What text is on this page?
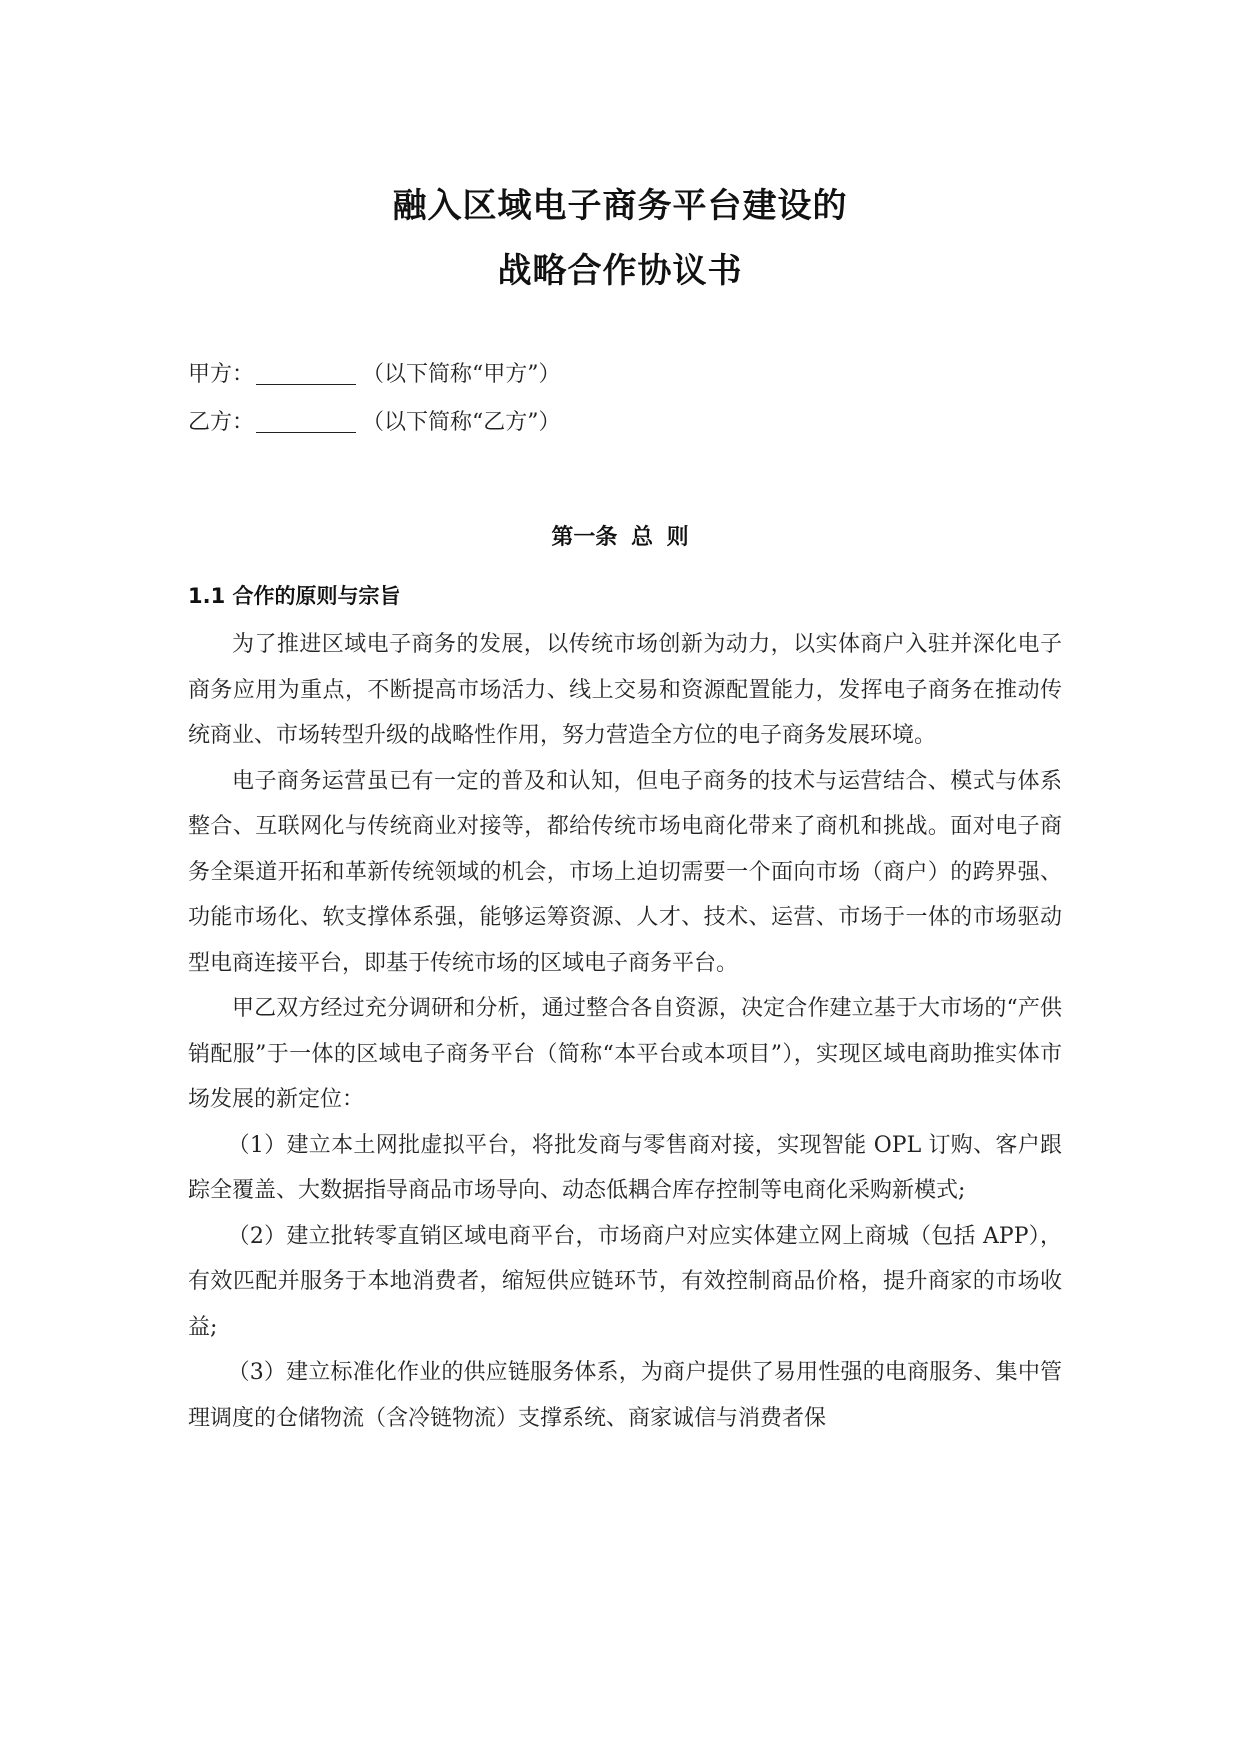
融入区域电子商务平台建设的
战略合作协议书
甲方：	（以下简称“甲方”）
乙方：	（以下简称“乙方”）
第一条 总 则
1.1 合作的原则与宗旨

为了推进区域电子商务的发展，以传统市场创新为动力，以实体商户入驻并深化电子商务应用为重点，不断提高市场活力、线上交易和资源配置能力，发挥电子商务在推动传统商业、市场转型升级的战略性作用，努力营造全方位的电子商务发展环境。

电子商务运营虽已有一定的普及和认知，但电子商务的技术与运营结合、模式与体系整合、互联网化与传统商业对接等，都给传统市场电商化带来了商机和挑战。面对电子商务全渠道开拓和革新传统领域的机会，市场上迫切需要一个面向市场（商户）的跨界强、功能市场化、软支撑体系强，能够运筹资源、人才、技术、运营、市场于一体的市场驱动型电商连接平台，即基于传统市场的区域电子商务平台。

甲乙双方经过充分调研和分析，通过整合各自资源，决定合作建立基于大市场的“产供销配服”于一体的区域电子商务平台（简称“本平台或本项目”），实现区域电商助推实体市场发展的新定位：

（1）建立本土网批虚拟平台，将批发商与零售商对接，实现智能 OPL 订购、客户跟踪全覆盖、大数据指导商品市场导向、动态低耦合库存控制等电商化采购新模式;

（2）建立批转零直销区域电商平台，市场商户对应实体建立网上商城（包括 APP），有效匹配并服务于本地消费者，缩短供应链环节，有效控制商品价格，提升商家的市场收益;

（3）建立标准化作业的供应链服务体系，为商户提供了易用性强的电商服务、集中管理调度的仓储物流（含冷链物流）支撑系统、商家诚信与消费者保
